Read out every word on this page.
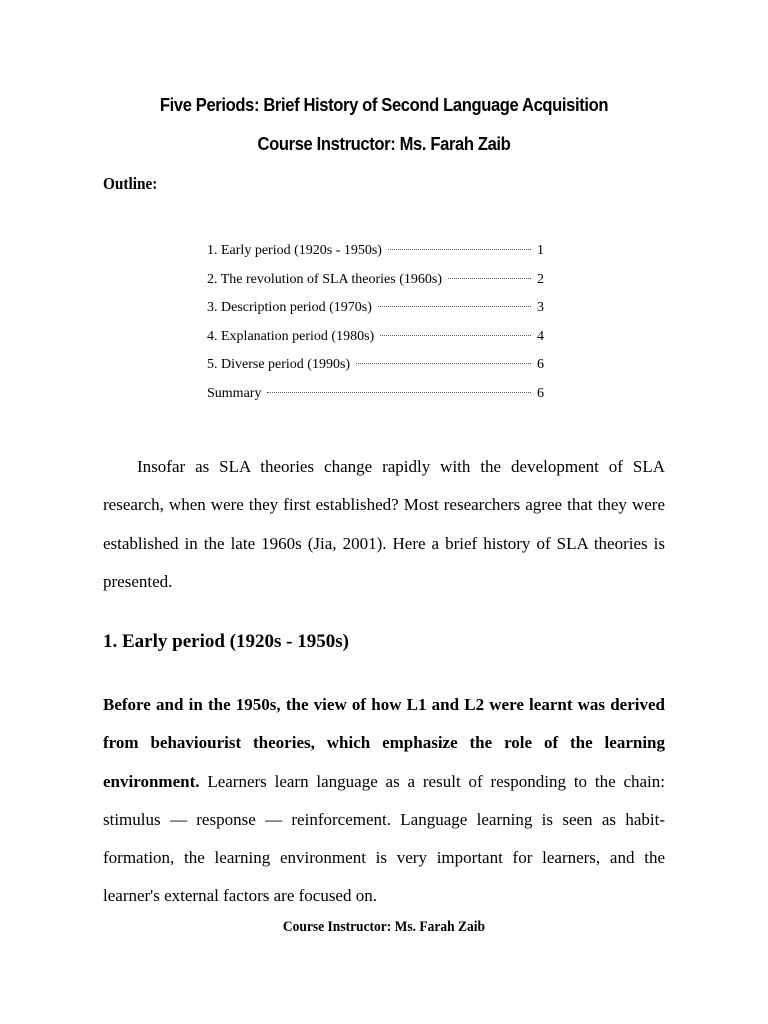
Five Periods: Brief History of Second Language Acquisition
Course Instructor: Ms. Farah Zaib
Outline:
1. Early period (1920s - 1950s)	1
2. The revolution of SLA theories (1960s)	2
3. Description period (1970s)	3
4. Explanation period (1980s)	4
5. Diverse period (1990s)	6
Summary	6

Insofar as SLA theories change rapidly with the development of SLA research, when were they first established? Most researchers agree that they were established in the late 1960s (Jia, 2001). Here a brief history of SLA theories is presented.

1. Early period (1920s - 1950s)

Before and in the 1950s, the view of how L1 and L2 were learnt was derived from behaviourist theories, which emphasize the role of the learning environment. Learners learn language as a result of responding to the chain: stimulus — response — reinforcement. Language learning is seen as habit-formation, the learning environment is very important for learners, and the learner's external factors are focused on.

Course Instructor: Ms. Farah Zaib
